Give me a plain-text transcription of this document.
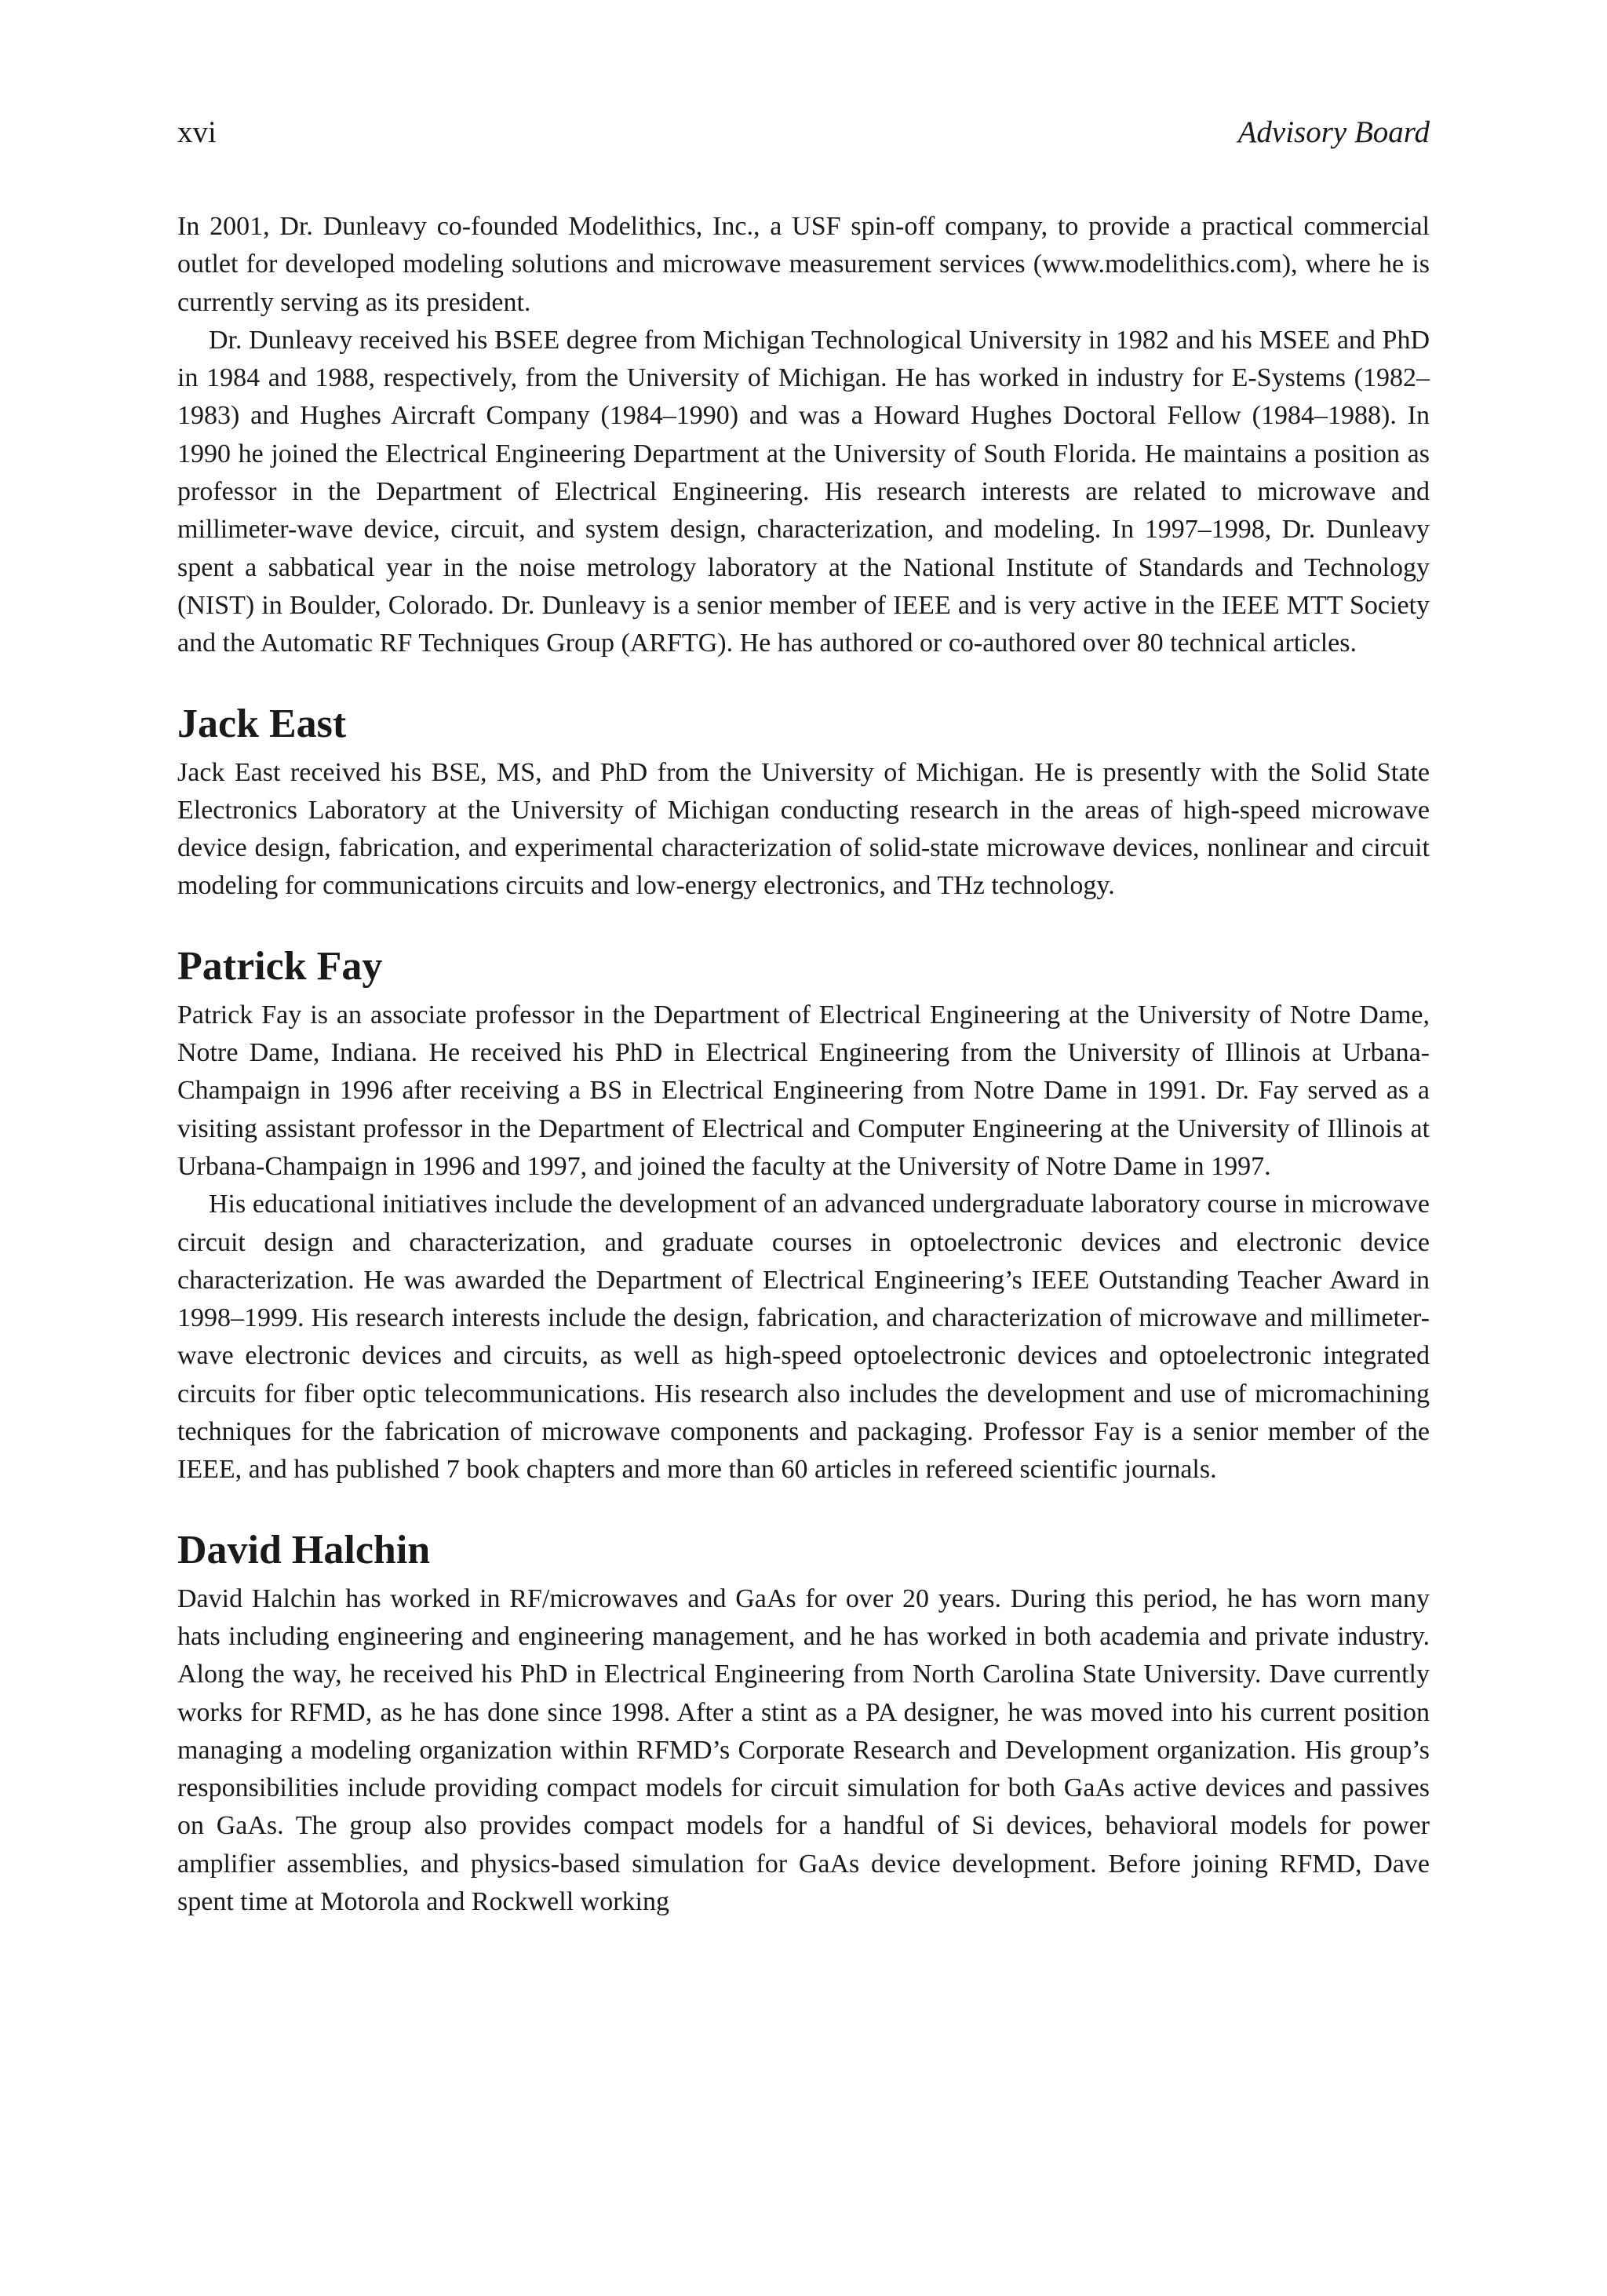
xvi	Advisory Board

In 2001, Dr. Dunleavy co-founded Modelithics, Inc., a USF spin-off company, to provide a practical commercial outlet for developed modeling solutions and microwave measurement services (www.modelithics.com), where he is currently serving as its president.

Dr. Dunleavy received his BSEE degree from Michigan Technological University in 1982 and his MSEE and PhD in 1984 and 1988, respectively, from the University of Michigan. He has worked in industry for E-Systems (1982–1983) and Hughes Aircraft Company (1984–1990) and was a Howard Hughes Doctoral Fellow (1984–1988). In 1990 he joined the Electrical Engineering Department at the University of South Florida. He maintains a position as professor in the Department of Electrical Engineering. His research interests are related to microwave and millimeter-wave device, circuit, and system design, characterization, and modeling. In 1997–1998, Dr. Dunleavy spent a sabbatical year in the noise metrology laboratory at the National Institute of Standards and Technology (NIST) in Boulder, Colorado. Dr. Dunleavy is a senior member of IEEE and is very active in the IEEE MTT Society and the Automatic RF Techniques Group (ARFTG). He has authored or co-authored over 80 technical articles.

Jack East

Jack East received his BSE, MS, and PhD from the University of Michigan. He is presently with the Solid State Electronics Laboratory at the University of Michigan conducting research in the areas of high-speed microwave device design, fabrication, and experimental characterization of solid-state microwave devices, nonlinear and circuit modeling for communications circuits and low-energy electronics, and THz technology.

Patrick Fay

Patrick Fay is an associate professor in the Department of Electrical Engineering at the University of Notre Dame, Notre Dame, Indiana. He received his PhD in Electrical Engineering from the University of Illinois at Urbana-Champaign in 1996 after receiving a BS in Electrical Engineering from Notre Dame in 1991. Dr. Fay served as a visiting assistant professor in the Department of Electrical and Computer Engineering at the University of Illinois at Urbana-Champaign in 1996 and 1997, and joined the faculty at the University of Notre Dame in 1997.

His educational initiatives include the development of an advanced undergraduate laboratory course in microwave circuit design and characterization, and graduate courses in optoelectronic devices and electronic device characterization. He was awarded the Department of Electrical Engineering’s IEEE Outstanding Teacher Award in 1998–1999. His research interests include the design, fabrication, and characterization of microwave and millimeter-wave electronic devices and circuits, as well as high-speed optoelectronic devices and optoelectronic integrated circuits for fiber optic telecommunications. His research also includes the development and use of micromachining techniques for the fabrication of microwave components and packaging. Professor Fay is a senior member of the IEEE, and has published 7 book chapters and more than 60 articles in refereed scientific journals.

David Halchin

David Halchin has worked in RF/microwaves and GaAs for over 20 years. During this period, he has worn many hats including engineering and engineering management, and he has worked in both academia and private industry. Along the way, he received his PhD in Electrical Engineering from North Carolina State University. Dave currently works for RFMD, as he has done since 1998. After a stint as a PA designer, he was moved into his current position managing a modeling organization within RFMD’s Corporate Research and Development organization. His group’s responsibilities include providing compact models for circuit simulation for both GaAs active devices and passives on GaAs. The group also provides compact models for a handful of Si devices, behavioral models for power amplifier assemblies, and physics-based simulation for GaAs device development. Before joining RFMD, Dave spent time at Motorola and Rockwell working
